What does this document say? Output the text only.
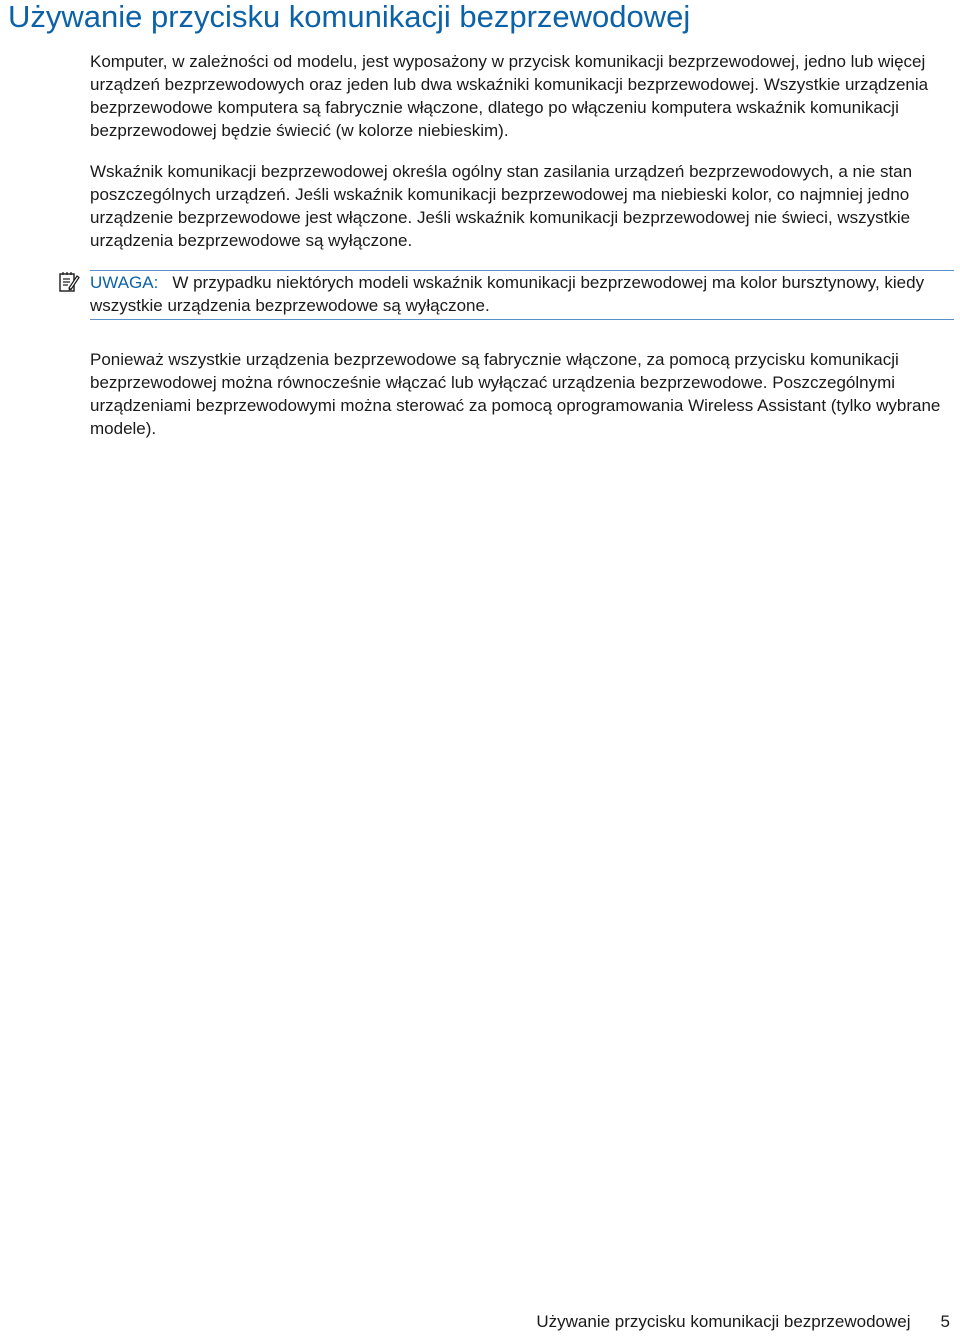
Używanie przycisku komunikacji bezprzewodowej

Komputer, w zależności od modelu, jest wyposażony w przycisk komunikacji bezprzewodowej, jedno lub więcej urządzeń bezprzewodowych oraz jeden lub dwa wskaźniki komunikacji bezprzewodowej. Wszystkie urządzenia bezprzewodowe komputera są fabrycznie włączone, dlatego po włączeniu komputera wskaźnik komunikacji bezprzewodowej będzie świecić (w kolorze niebieskim).

Wskaźnik komunikacji bezprzewodowej określa ogólny stan zasilania urządzeń bezprzewodowych, a nie stan poszczególnych urządzeń. Jeśli wskaźnik komunikacji bezprzewodowej ma niebieski kolor, co najmniej jedno urządzenie bezprzewodowe jest włączone. Jeśli wskaźnik komunikacji bezprzewodowej nie świeci, wszystkie urządzenia bezprzewodowe są wyłączone.

UWAGA: W przypadku niektórych modeli wskaźnik komunikacji bezprzewodowej ma kolor bursztynowy, kiedy wszystkie urządzenia bezprzewodowe są wyłączone.

Ponieważ wszystkie urządzenia bezprzewodowe są fabrycznie włączone, za pomocą przycisku komunikacji bezprzewodowej można równocześnie włączać lub wyłączać urządzenia bezprzewodowe. Poszczególnymi urządzeniami bezprzewodowymi można sterować za pomocą oprogramowania Wireless Assistant (tylko wybrane modele).

Używanie przycisku komunikacji bezprzewodowej 5
